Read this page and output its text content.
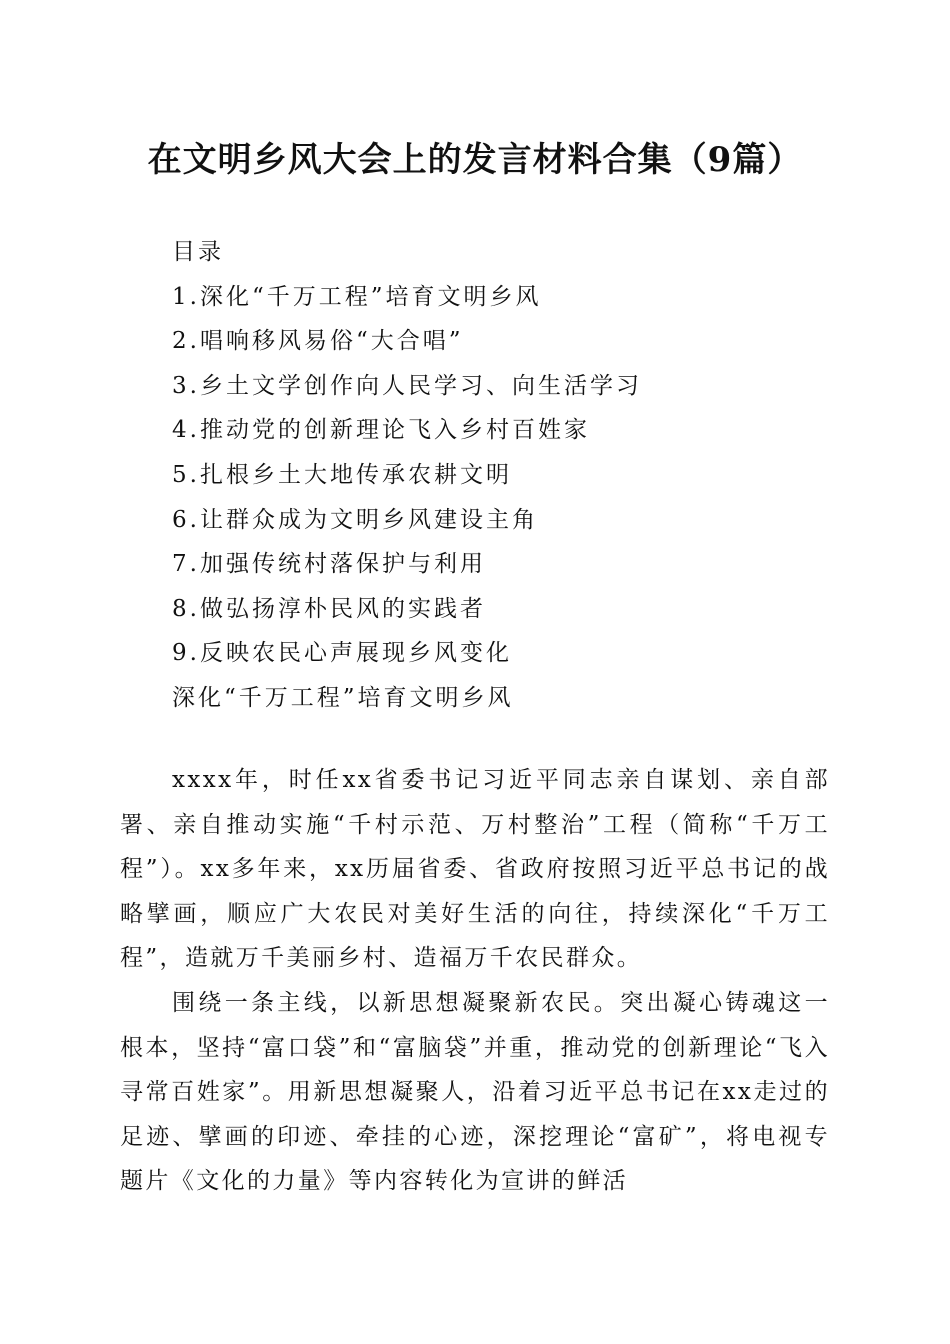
在文明乡风大会上的发言材料合集（9篇）
目录
1.深化“千万工程”培育文明乡风
2.唱响移风易俗“大合唱”
3.乡土文学创作向人民学习、向生活学习
4.推动党的创新理论飞入乡村百姓家
5.扎根乡土大地传承农耕文明
6.让群众成为文明乡风建设主角
7.加强传统村落保护与利用
8.做弘扬淳朴民风的实践者
9.反映农民心声展现乡风变化
深化“千万工程”培育文明乡风

xxxx年，时任xx省委书记习近平同志亲自谋划、亲自部署、亲自推动实施“千村示范、万村整治”工程（简称“千万工程”）。xx多年来，xx历届省委、省政府按照习近平总书记的战略擘画，顺应广大农民对美好生活的向往，持续深化“千万工程”，造就万千美丽乡村、造福万千农民群众。

围绕一条主线，以新思想凝聚新农民。突出凝心铸魂这一根本，坚持“富口袋”和“富脑袋”并重，推动党的创新理论“飞入寻常百姓家”。用新思想凝聚人，沿着习近平总书记在xx走过的足迹、擘画的印迹、牵挂的心迹，深挖理论“富矿”，将电视专题片《文化的力量》等内容转化为宣讲的鲜活
